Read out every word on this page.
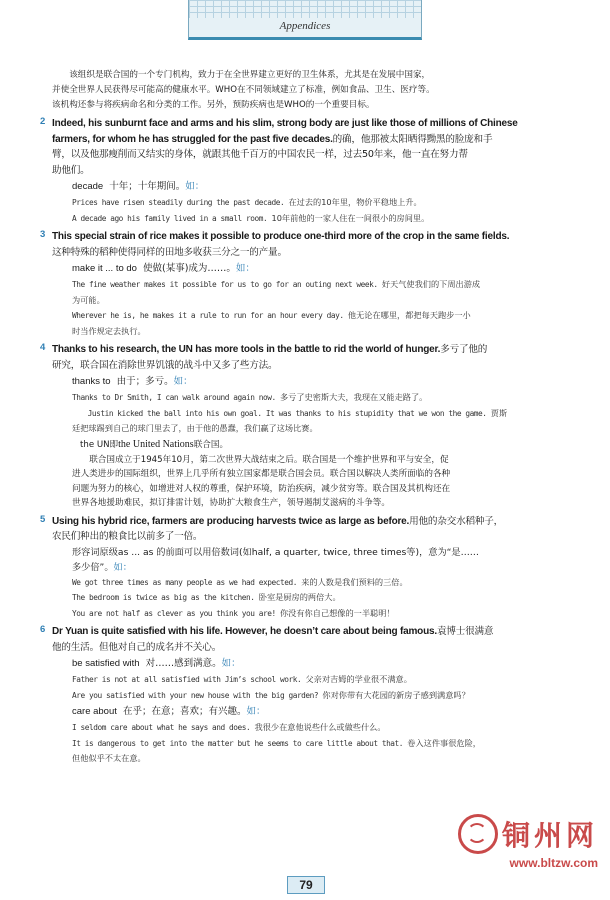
Appendices

该组织是联合国的一个专门机构，致力于在全世界建立更好的卫生体系，尤其是在发展中国家，

并使全世界人民获得尽可能高的健康水平。WHO在不同领域建立了标准，例如食品、卫生、医疗等。

该机构还参与将疾病命名和分类的工作。另外，预防疾病也是WHO的一个重要目标。

2 Indeed, his sunburnt face and arms and his slim, strong body are just like those of millions of Chinese

farmers, for whom he has struggled for the past five decades.的确，他那被太阳晒得黝黑的脸庞和手

臂，以及他那瘦削而又结实的身体，就跟其他千百万的中国农民一样，过去50年来，他一直在努力帮

助他们。

decade 十年；十年期间。如：

Prices have risen steadily during the past decade. 在过去的10年里，物价平稳地上升。

A decade ago his family lived in a small room. 10年前他的一家人住在一间很小的房间里。

3 This special strain of rice makes it possible to produce one-third more of the crop in the same fields.

这种特殊的稻种使得同样的田地多收获三分之一的产量。

make it ... to do 使做(某事)成为……。如：

The fine weather makes it possible for us to go for an outing next week. 好天气使我们的下周出游成

为可能。

Wherever he is, he makes it a rule to run for an hour every day. 他无论在哪里，都把每天跑步一小

时当作规定去执行。

4 Thanks to his research, the UN has more tools in the battle to rid the world of hunger.多亏了他的

研究，联合国在消除世界饥饿的战斗中又多了些方法。

thanks to 由于；多亏。如：

Thanks to Dr Smith, I can walk around again now. 多亏了史密斯大夫，我现在又能走路了。

Justin kicked the ball into his own goal. It was thanks to his stupidity that we won the game. 贾斯

廷把球踢到自己的球门里去了，由于他的愚蠢，我们赢了这场比赛。

the UN即the United Nations联合国。

联合国成立于1945年10月，第二次世界大战结束之后。联合国是一个维护世界和平与安全，促

进人类进步的国际组织，世界上几乎所有独立国家都是联合国会员。联合国以解决人类所面临的各种

问题为努力的核心，如增进对人权的尊重，保护环境，防治疾病，减少贫穷等。联合国及其机构还在

世界各地援助难民，拟订排雷计划，协助扩大粮食生产，领导遏制艾滋病的斗争等。

5 Using his hybrid rice, farmers are producing harvests twice as large as before.用他的杂交水稻种子，

农民们种出的粮食比以前多了一倍。

形容词原级as ... as 的前面可以用倍数词(如half, a quarter, twice, three times等)，意为“是……

多少倍”。如：

We got three times as many people as we had expected. 来的人数是我们预料的三倍。

The bedroom is twice as big as the kitchen. 卧室是厨房的两倍大。

You are not half as clever as you think you are! 你没有你自己想像的一半聪明！

6 Dr Yuan is quite satisfied with his life. However, he doesn’t care about being famous.袁博士很满意

他的生活。但他对自己的成名并不关心。

be satisfied with 对……感到满意。如：

Father is not at all satisfied with Jim’s school work. 父亲对吉姆的学业很不满意。

Are you satisfied with your new house with the big garden? 你对你带有大花园的新房子感到满意吗？

care about 在乎；在意；喜欢；有兴趣。如：

I seldom care about what he says and does. 我很少在意他说些什么或做些什么。

It is dangerous to get into the matter but he seems to care little about that. 卷入这件事很危险，

但他似乎不太在意。

铜州网
www.bltzw.com
79
